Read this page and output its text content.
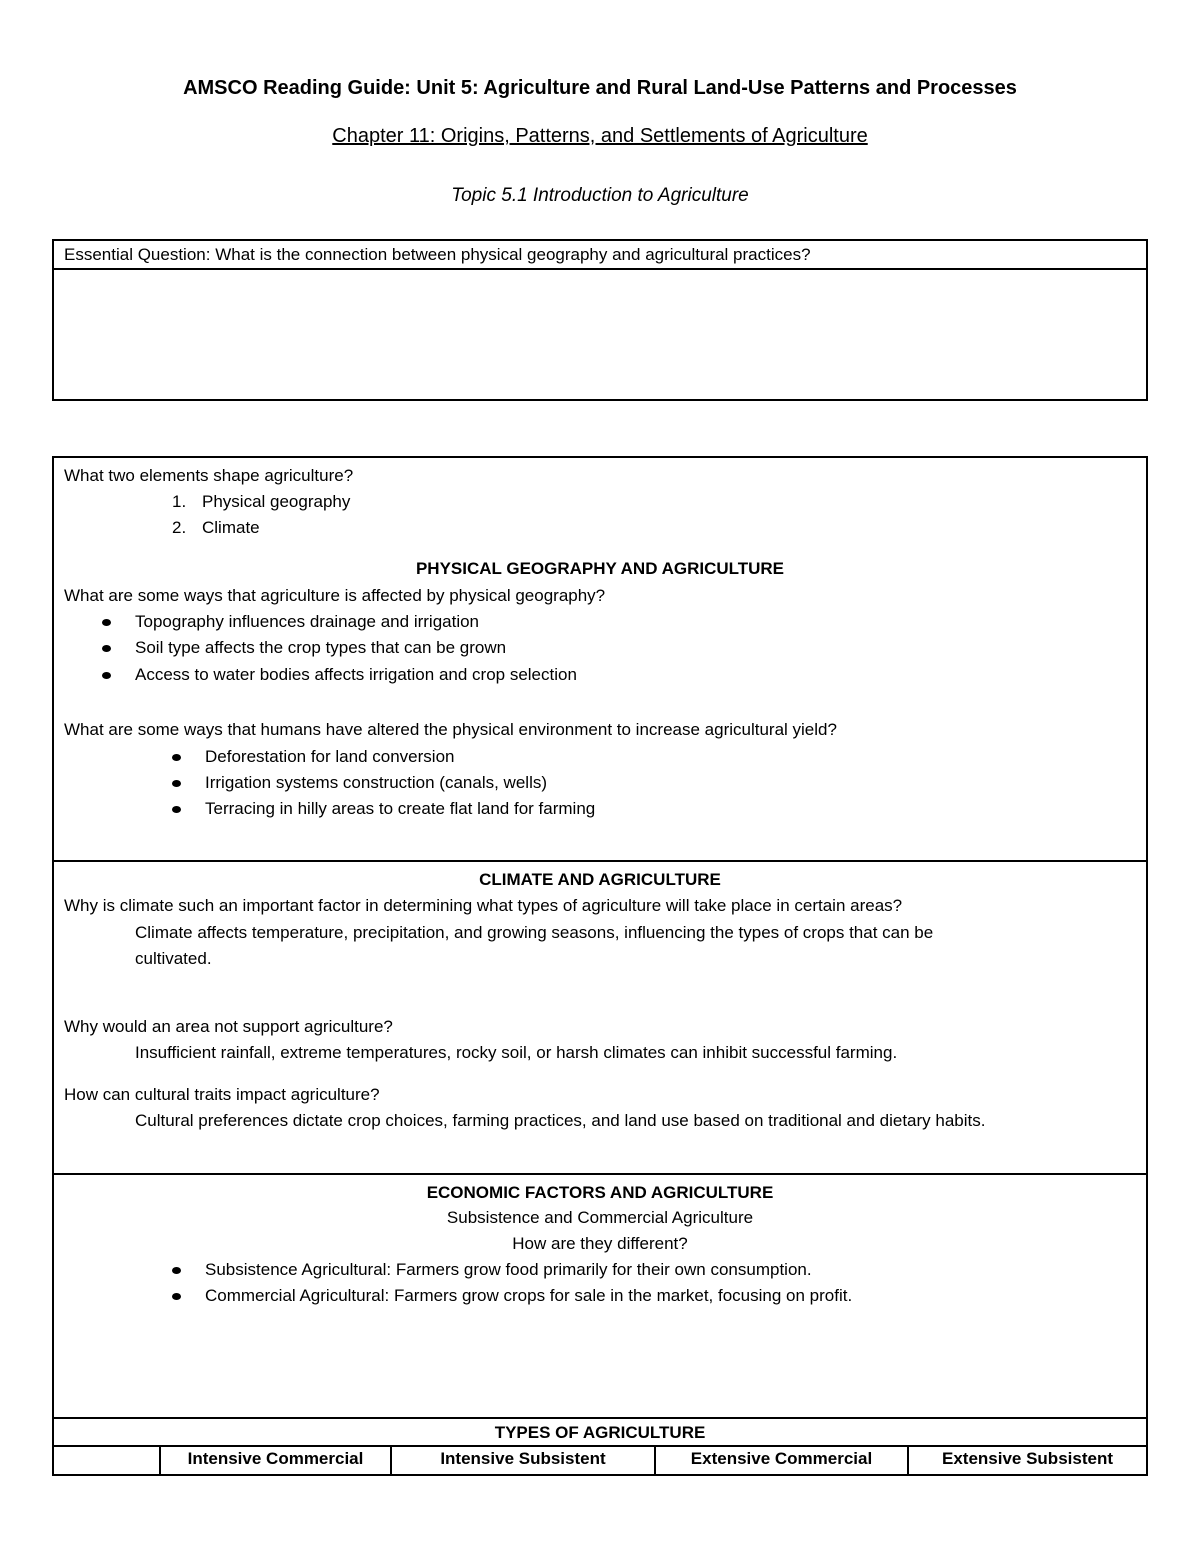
AMSCO Reading Guide: Unit 5: Agriculture and Rural Land-Use Patterns and Processes
Chapter 11: Origins, Patterns, and Settlements of Agriculture
Topic 5.1 Introduction to Agriculture
Essential Question: What is the connection between physical geography and agricultural practices?
What two elements shape agriculture?
1. Physical geography
2. Climate
PHYSICAL GEOGRAPHY AND AGRICULTURE
What are some ways that agriculture is affected by physical geography?
Topography influences drainage and irrigation
Soil type affects the crop types that can be grown
Access to water bodies affects irrigation and crop selection
What are some ways that humans have altered the physical environment to increase agricultural yield?
Deforestation for land conversion
Irrigation systems construction (canals, wells)
Terracing in hilly areas to create flat land for farming
CLIMATE AND AGRICULTURE
Why is climate such an important factor in determining what types of agriculture will take place in certain areas?
Climate affects temperature, precipitation, and growing seasons, influencing the types of crops that can be
cultivated.
Why would an area not support agriculture?
Insufficient rainfall, extreme temperatures, rocky soil, or harsh climates can inhibit successful farming.
How can cultural traits impact agriculture?
Cultural preferences dictate crop choices, farming practices, and land use based on traditional and dietary habits.
ECONOMIC FACTORS AND AGRICULTURE
Subsistence and Commercial Agriculture
How are they different?
Subsistence Agricultural: Farmers grow food primarily for their own consumption.
Commercial Agricultural: Farmers grow crops for sale in the market, focusing on profit.
TYPES OF AGRICULTURE
Intensive Commercial	Intensive Subsistent	Extensive Commercial	Extensive Subsistent
